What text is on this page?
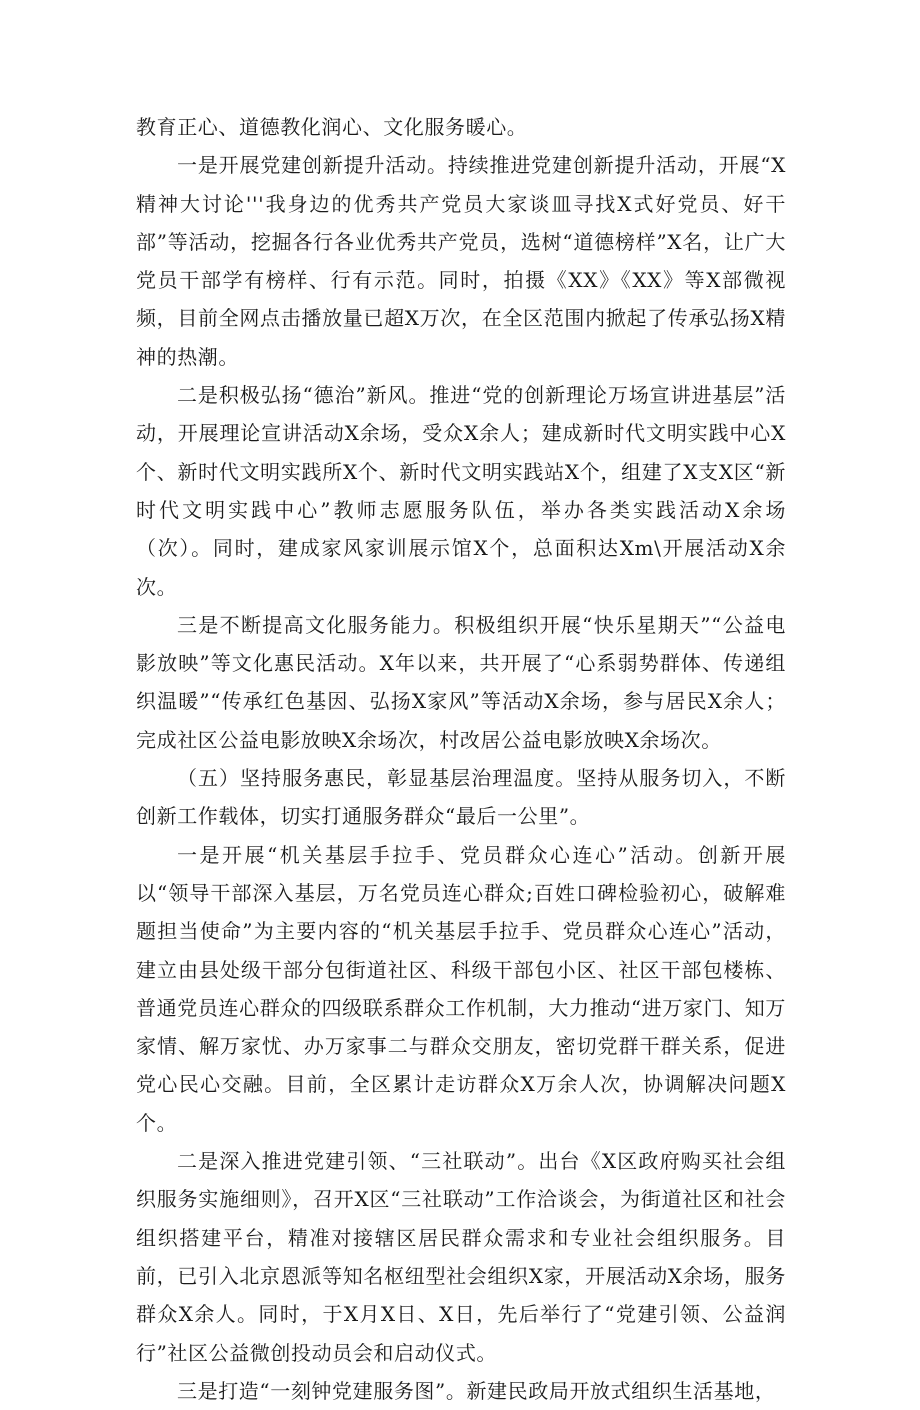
教育正心、道德教化润心、文化服务暖心。

一是开展党建创新提升活动。持续推进党建创新提升活动，开展“X精神大讨论'''我身边的优秀共产党员大家谈皿寻找X式好党员、好干部”等活动，挖掘各行各业优秀共产党员，选树“道德榜样”X名，让广大党员干部学有榜样、行有示范。同时，拍摄《XX》《XX》等X部微视频，目前全网点击播放量已超X万次，在全区范围内掀起了传承弘扬X精神的热潮。

二是积极弘扬“德治”新风。推进“党的创新理论万场宣讲进基层”活动，开展理论宣讲活动X余场，受众X余人；建成新时代文明实践中心X个、新时代文明实践所X个、新时代文明实践站X个，组建了X支X区“新时代文明实践中心”教师志愿服务队伍，举办各类实践活动X余场（次）。同时，建成家风家训展示馆X个，总面积达Xm\开展活动X余次。

三是不断提高文化服务能力。积极组织开展“快乐星期天”“公益电影放映”等文化惠民活动。X年以来，共开展了“心系弱势群体、传递组织温暖”“传承红色基因、弘扬X家风”等活动X余场，参与居民X余人；完成社区公益电影放映X余场次，村改居公益电影放映X余场次。

（五）坚持服务惠民，彰显基层治理温度。坚持从服务切入，不断创新工作载体，切实打通服务群众“最后一公里”。

一是开展“机关基层手拉手、党员群众心连心”活动。创新开展以“领导干部深入基层，万名党员连心群众;百姓口碑检验初心，破解难题担当使命”为主要内容的“机关基层手拉手、党员群众心连心”活动，建立由县处级干部分包街道社区、科级干部包小区、社区干部包楼栋、普通党员连心群众的四级联系群众工作机制，大力推动“进万家门、知万家情、解万家忧、办万家事二与群众交朋友，密切党群干群关系，促进党心民心交融。目前，全区累计走访群众X万余人次，协调解决问题X个。

二是深入推进党建引领、“三社联动”。出台《X区政府购买社会组织服务实施细则》，召开X区“三社联动”工作洽谈会，为街道社区和社会组织搭建平台，精准对接辖区居民群众需求和专业社会组织服务。目前，已引入北京恩派等知名枢纽型社会组织X家，开展活动X余场，服务群众X余人。同时，于X月X日、X日，先后举行了“党建引领、公益润行”社区公益微创投动员会和启动仪式。

三是打造“一刻钟党建服务图”。新建民政局开放式组织生活基地，
